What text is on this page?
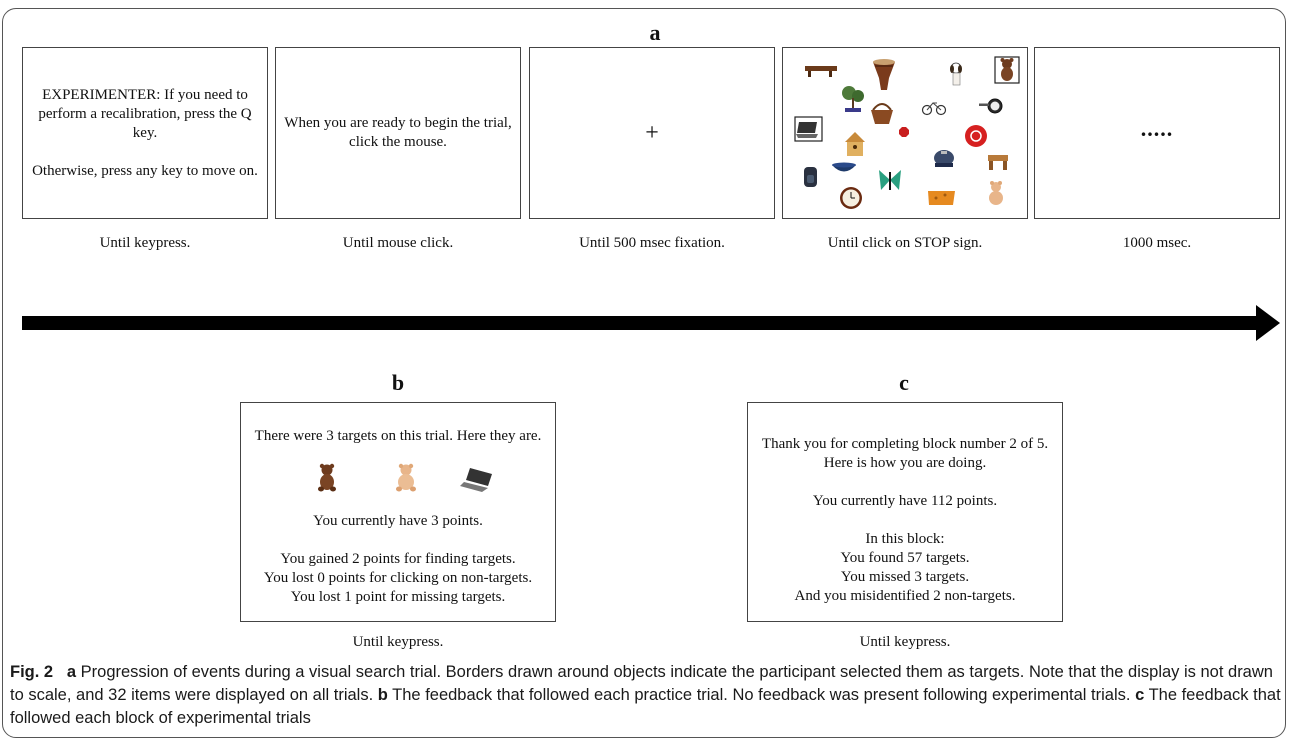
a
EXPERIMENTER: If you need to perform a recalibration, press the Q key.
Otherwise, press any key to move on.
Until keypress.
When you are ready to begin the trial, click the mouse.
Until mouse click.
+
Until 500 msec fixation.	Until click on STOP sign.
.....
1000 msec.
b

There were 3 targets on this trial. Here they are.

You currently have 3 points.

You gained 2 points for finding targets.

You lost 0 points for clicking on non-targets.

You lost 1 point for missing targets.

Until keypress.
c

Thank you for completing block number 2 of 5.

Here is how you are doing.

You currently have 112 points.

In this block:

You found 57 targets.

You missed 3 targets.

And you misidentified 2 non-targets.

Until keypress.
Fig. 2 a Progression of events during a visual search trial. Borders drawn around objects indicate the participant selected them as targets. Note that the display is not drawn to scale, and 32 items were displayed on all trials. b The feedback that followed each practice trial. No feedback was present following experimental trials. c The feedback that followed each block of experimental trials
